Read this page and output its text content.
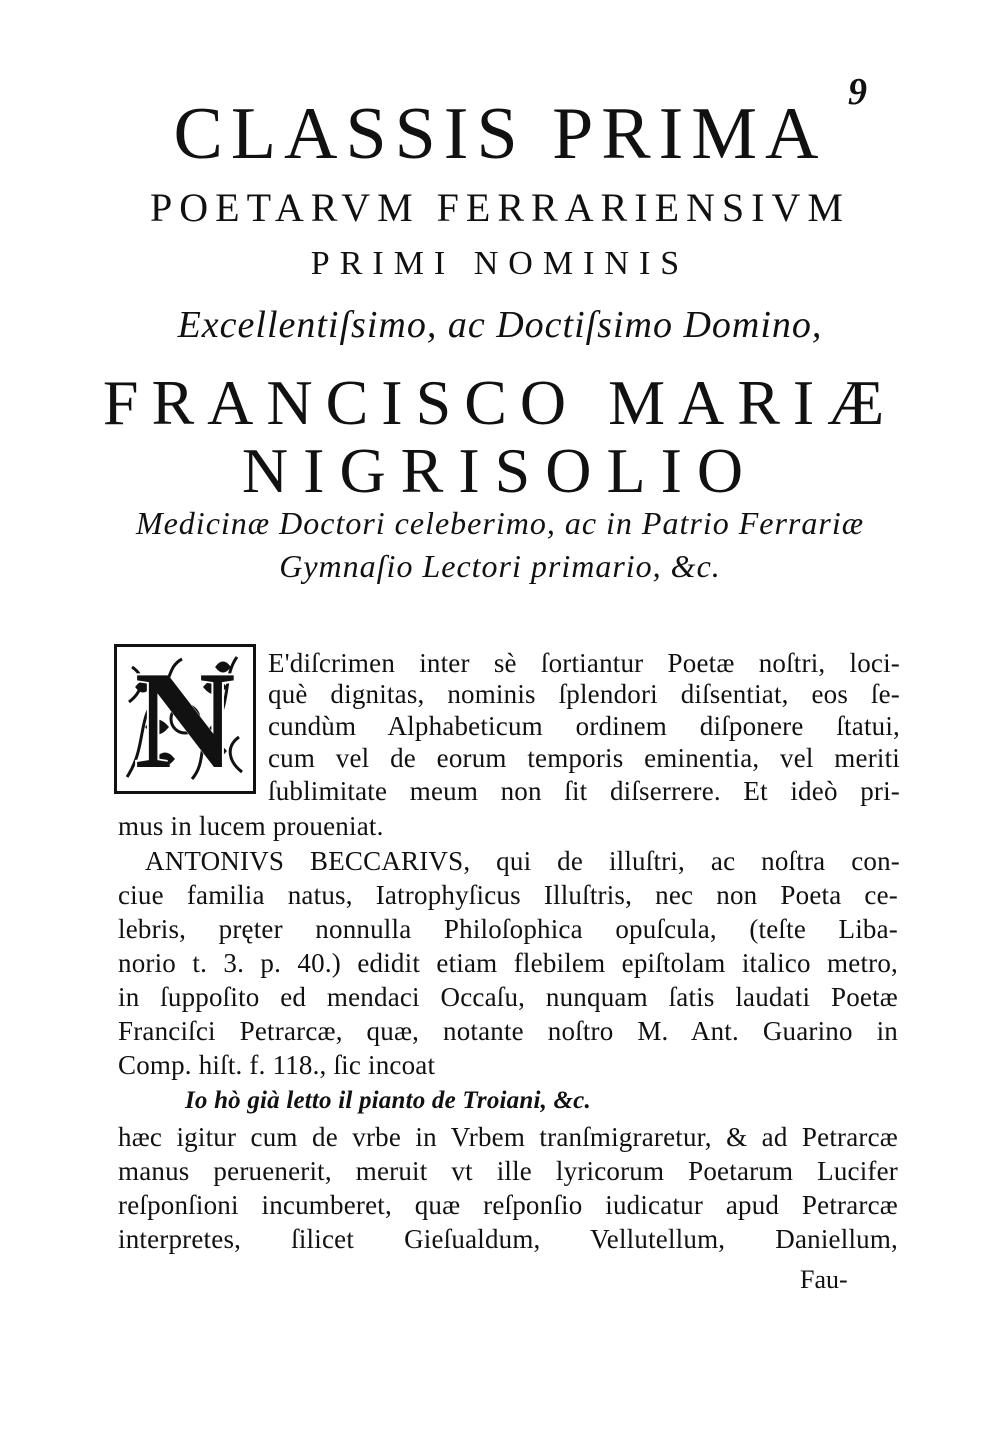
9
CLASSIS PRIMA
POETARVM FERRARIENSIVM
PRIMI NOMINIS
Excellentiſsimo, ac Doctiſsimo Domino,
FRANCISCO MARIÆ
NIGRISOLIO
Medicinæ Doctori celeberimo, ac in Patrio Ferrariæ
Gymnaſio Lectori primario, &c.
N	E'diſcrimen inter sè ſortiantur Poetæ noſtri, loci-
què dignitas, nominis ſplendori diſsentiat, eos ſe-
cundùm Alphabeticum ordinem diſponere ſtatui,
cum vel de eorum temporis eminentia, vel meriti
ſublimitate meum non ſit diſserrere. Et ideò pri-
mus in lucem proueniat.
ANTONIVS BECCARIVS, qui de illuſtri, ac noſtra con-
ciue familia natus, Iatrophyſicus Illuſtris, nec non Poeta ce-
lebris, pręter nonnulla Philoſophica opuſcula, (teſte Liba-
norio t. 3. p. 40.) edidit etiam flebilem epiſtolam italico metro,
in ſuppoſito ed mendaci Occaſu, nunquam ſatis laudati Poetæ
Franciſci Petrarcæ, quæ, notante noſtro M. Ant. Guarino in
Comp. hiſt. f. 118., ſic incoat
Io hò già letto il pianto de Troiani, &c.
hæc igitur cum de vrbe in Vrbem tranſmigraretur, & ad Petrarcæ
manus peruenerit, meruit vt ille lyricorum Poetarum Lucifer
reſponſioni incumberet, quæ reſponſio iudicatur apud Petrarcæ
interpretes, ſilicet Gieſualdum, Vellutellum, Daniellum,
Fau-
